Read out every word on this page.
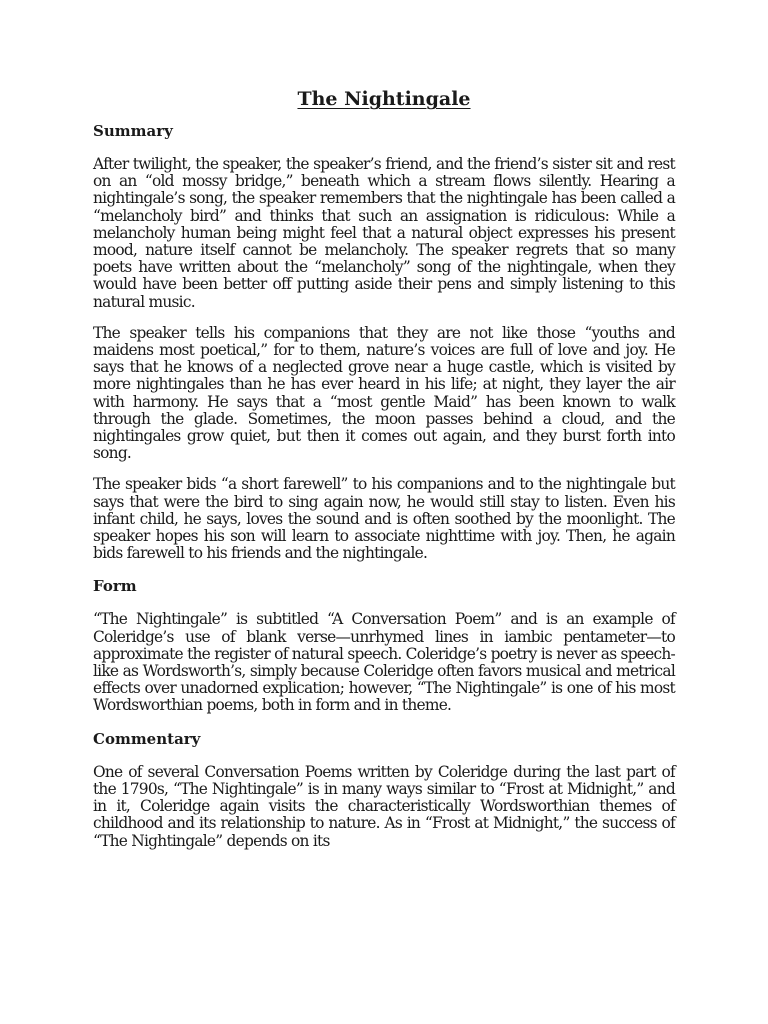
The Nightingale
Summary

After twilight, the speaker, the speaker’s friend, and the friend’s sister sit and rest on an “old mossy bridge,” beneath which a stream flows silently. Hearing a nightingale’s song, the speaker remembers that the nightingale has been called a “melancholy bird” and thinks that such an assignation is ridiculous: While a melancholy human being might feel that a natural object expresses his present mood, nature itself cannot be melancholy. The speaker regrets that so many poets have written about the “melancholy” song of the nightingale, when they would have been better off putting aside their pens and simply listening to this natural music.

The speaker tells his companions that they are not like those “youths and maidens most poetical,” for to them, nature’s voices are full of love and joy. He says that he knows of a neglected grove near a huge castle, which is visited by more nightingales than he has ever heard in his life; at night, they layer the air with harmony. He says that a “most gentle Maid” has been known to walk through the glade. Sometimes, the moon passes behind a cloud, and the nightingales grow quiet, but then it comes out again, and they burst forth into song.

The speaker bids “a short farewell” to his companions and to the nightingale but says that were the bird to sing again now, he would still stay to listen. Even his infant child, he says, loves the sound and is often soothed by the moonlight. The speaker hopes his son will learn to associate nighttime with joy. Then, he again bids farewell to his friends and the nightingale.

Form

“The Nightingale” is subtitled “A Conversation Poem” and is an example of Coleridge’s use of blank verse—unrhymed lines in iambic pentameter—to approximate the register of natural speech. Coleridge’s poetry is never as speech-like as Wordsworth’s, simply because Coleridge often favors musical and metrical effects over unadorned explication; however, “The Nightingale” is one of his most Wordsworthian poems, both in form and in theme.

Commentary

One of several Conversation Poems written by Coleridge during the last part of the 1790s, “The Nightingale” is in many ways similar to “Frost at Midnight,” and in it, Coleridge again visits the characteristically Wordsworthian themes of childhood and its relationship to nature. As in “Frost at Midnight,” the success of “The Nightingale” depends on its
